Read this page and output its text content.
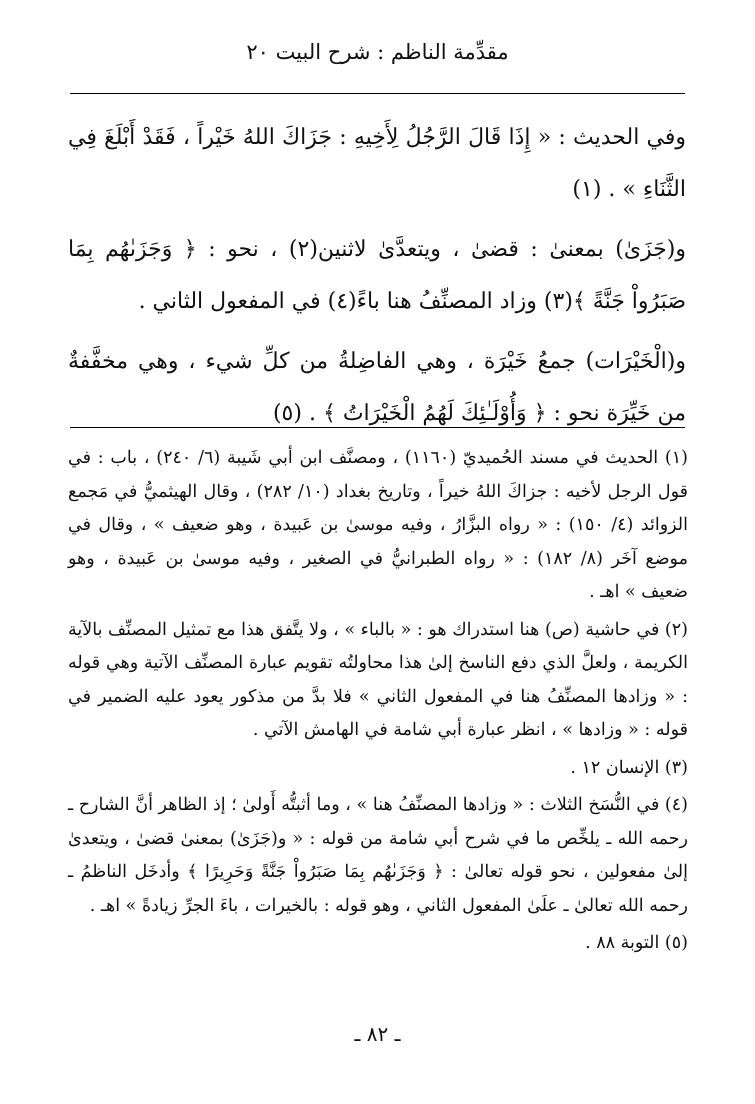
مقدِّمة الناظم : شرح البيت ٢٠

وفي الحديث : « إِذَا قَالَ الرَّجُلُ لِأَخِيهِ : جَزَاكَ اللهُ خَيْراً ، فَقَدْ أَبْلَغَ فِي الثَّنَاءِ » . (١)

و(جَزَىٰ) بمعنىٰ : قضىٰ ، ويتعدَّىٰ لاثنين(٢) ، نحو : ﴿ وَجَزَىٰهُم بِمَا صَبَرُواْ جَنَّةً ﴾(٣) وزاد المصنِّفُ هنا باءً(٤) في المفعول الثاني .

و(الْخَيْرَات) جمعُ خَيْرَة ، وهي الفاضِلةُ من كلِّ شيء ، وهي مخفَّفةٌ من خَيِّرَة نحو : ﴿ وَأُوْلَـٰئِكَ لَهُمُ الْخَيْرَاتُ ﴾ . (٥)

(١) الحديث في مسند الحُميديّ (١١٦٠) ، ومصنَّف ابن أبي شَيبة (٦/ ٢٤٠) ، باب : في قول الرجل لأخيه : جزاكَ اللهُ خيراً ، وتاريخ بغداد (١٠/ ٢٨٢) ، وقال الهيثميُّ في مَجمع الزوائد (٤/ ١٥٠) : « رواه البزَّارُ ، وفيه موسىٰ بن عَبيدة ، وهو ضعيف » ، وقال في موضع آخَر (٨/ ١٨٢) : « رواه الطبرانيُّ في الصغير ، وفيه موسىٰ بن عَبيدة ، وهو ضعيف » اهـ .

(٢) في حاشية (ص) هنا استدراك هو : « بالباء » ، ولا يتَّفق هذا مع تمثيل المصنِّف بالآية الكريمة ، ولعلَّ الذي دفع الناسخ إلىٰ هذا محاولتُه تقويم عبارة المصنِّف الآتية وهي قوله : « وزادها المصنِّفُ هنا في المفعول الثاني » فلا بدَّ من مذكور يعود عليه الضمير في قوله : « وزادها » ، انظر عبارة أبي شامة في الهامش الآتي .

(٣) الإنسان ١٢ .

(٤) في النُّسَخ الثلاث : « وزادها المصنِّفُ هنا » ، وما أثبتُّه أَولىٰ ؛ إذ الظاهر أنَّ الشارح ـ رحمه الله ـ يلخِّص ما في شرح أبي شامة من قوله : « و(جَزَىٰ) بمعنىٰ قضىٰ ، ويتعدىٰ إلىٰ مفعولين ، نحو قوله تعالىٰ : ﴿ وَجَزَىٰهُم بِمَا صَبَرُواْ جَنَّةً وَحَرِيرًا ﴾ وأدخَل الناظمُ ـ رحمه الله تعالىٰ ـ علَىٰ المفعول الثاني ، وهو قوله : بالخيرات ، باءَ الجرِّ زيادةً » اهـ .

(٥) التوبة ٨٨ .

ـ ٨٢ ـ
